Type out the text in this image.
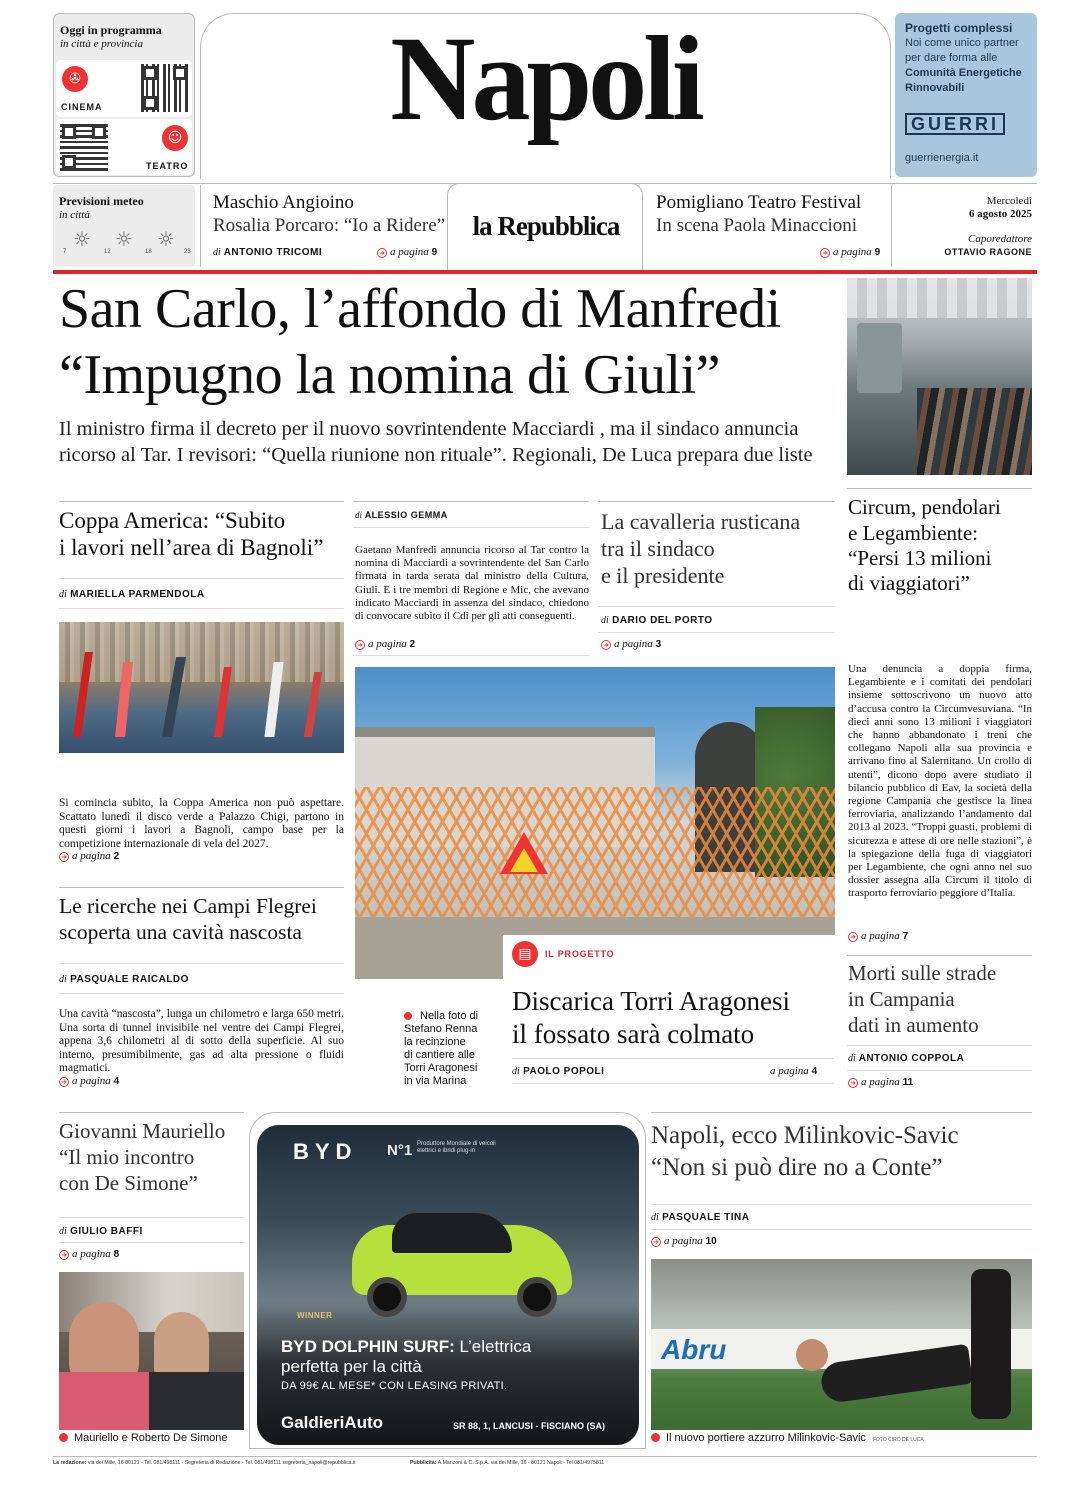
Oggi in programma
in città e provincia
✇
CINEMA
☺
TEATRO
Napoli	Progetti complessi
Noi come unico partner
per dare forma alle
Comunità Energetiche
Rinnovabili
GUERRI
guerrienergia.it
Previsioni meteo
in città
☼ ☼ ☼
7	12	18	23
Maschio Angioino
Rosalia Porcaro: “Io a Ridere”
di ANTONIO TRICOMI	➜ a pagina 9
la Repubblica
Pomigliano Teatro Festival
In scena Paola Minaccioni
➜ a pagina 9
Mercoledì
6 agosto 2025
Caporedattore
OTTAVIO RAGONE
San Carlo, l’affondo di Manfredi
“Impugno la nomina di Giuli”
Il ministro firma il decreto per il nuovo sovrintendente Macciardi , ma il sindaco annuncia
ricorso al Tar. I revisori: “Quella riunione non rituale”. Regionali, De Luca prepara due liste
Coppa America: “Subito
i lavori nell’area di Bagnoli”
di MARIELLA PARMENDOLA
Si comincia subito, la Coppa America non può aspettare. Scattato lunedì il disco verde a Palazzo Chigi, partono in questi giorni i lavori a Bagnoli, campo base per la competizione internazionale di vela del 2027.
➜ a pagina 2
Le ricerche nei Campi Flegrei
scoperta una cavità nascosta
di PASQUALE RAICALDO
Una cavità “nascosta”, lunga un chilometro e larga 650 metri. Una sorta di tunnel invisibile nel ventre dei Campi Flegrei, appena 3,6 chilometri al di sotto della superficie. Al suo interno, presumibilmente, gas ad alta pressione o fluidi magmatici.
➜ a pagina 4
di ALESSIO GEMMA
Gaetano Manfredi annuncia ricorso al Tar contro la nomina di Macciardi a sovrintendente del San Carlo firmata in tarda serata dal ministro della Cultura, Giuli. E i tre membri di Regione e Mic, che avevano indicato Macciardi in assenza del sindaco, chiedono di convocare subito il Cdi per gli atti conseguenti.
➜ a pagina 2
La cavalleria rusticana
tra il sindaco
e il presidente
di DARIO DEL PORTO
➜ a pagina 3
Nella foto di
Stefano Renna
la recinzione
di cantiere alle
Torri Aragonesi
in via Marina
▤	IL PROGETTO
Discarica Torri Aragonesi
il fossato sarà colmato
di PAOLO POPOLI	a pagina 4
Circum, pendolari
e Legambiente:
“Persi 13 milioni
di viaggiatori”
Una denuncia a doppia firma, Legambiente e i comitati dei pendolari insieme sottoscrivono un nuovo atto d’accusa contro la Circumvesuviana. “In dieci anni sono 13 milioni i viaggiatori che hanno abbandonato i treni che collegano Napoli alla sua provincia e arrivano fino al Salernitano. Un crollo di utenti”, dicono dopo avere studiato il bilancio pubblico di Eav, la società della regione Campania che gestisce la linea ferroviaria, analizzando l’andamento dal 2013 al 2023. “Troppi guasti, problemi di sicurezza e attese di ore nelle stazioni”, è la spiegazione della fuga di viaggiatori per Legambiente, che ogni anno nel suo dossier assegna alla Circum il titolo di trasporto ferroviario peggiore d’Italia.
➜ a pagina 7
Morti sulle strade
in Campania
dati in aumento
di ANTONIO COPPOLA
➜ a pagina 11
Giovanni Mauriello
“Il mio incontro
con De Simone”
di GIULIO BAFFI
➜ a pagina 8
Mauriello e Roberto De Simone
BYD N°1 Produttore Mondiale di veicoli elettrici e ibridi plug-in
WINNER
BYD DOLPHIN SURF: L’elettrica
perfetta per la città
DA 99€ AL MESE* CON LEASING PRIVATI.
GaldieriAuto	SR 88, 1, LANCUSI - FISCIANO (SA)
Napoli, ecco Milinkovic-Savic
“Non si può dire no a Conte”
di PASQUALE TINA
➜ a pagina 10
Abru
Il nuovo portiere azzurro Milinkovic-Savic FOTO CIRO DE LUCA
La redazione: via dei Mille, 16 80121 - Tel. 081/498111 - Segreteria di Redazione - Tel. 081/498111 segreteria_napoli@repubblica.it	Pubblicità: A.Manzoni & C. S.p.A. via dei Mille, 16 - 80121 Napoli - Tel 081/4975811
